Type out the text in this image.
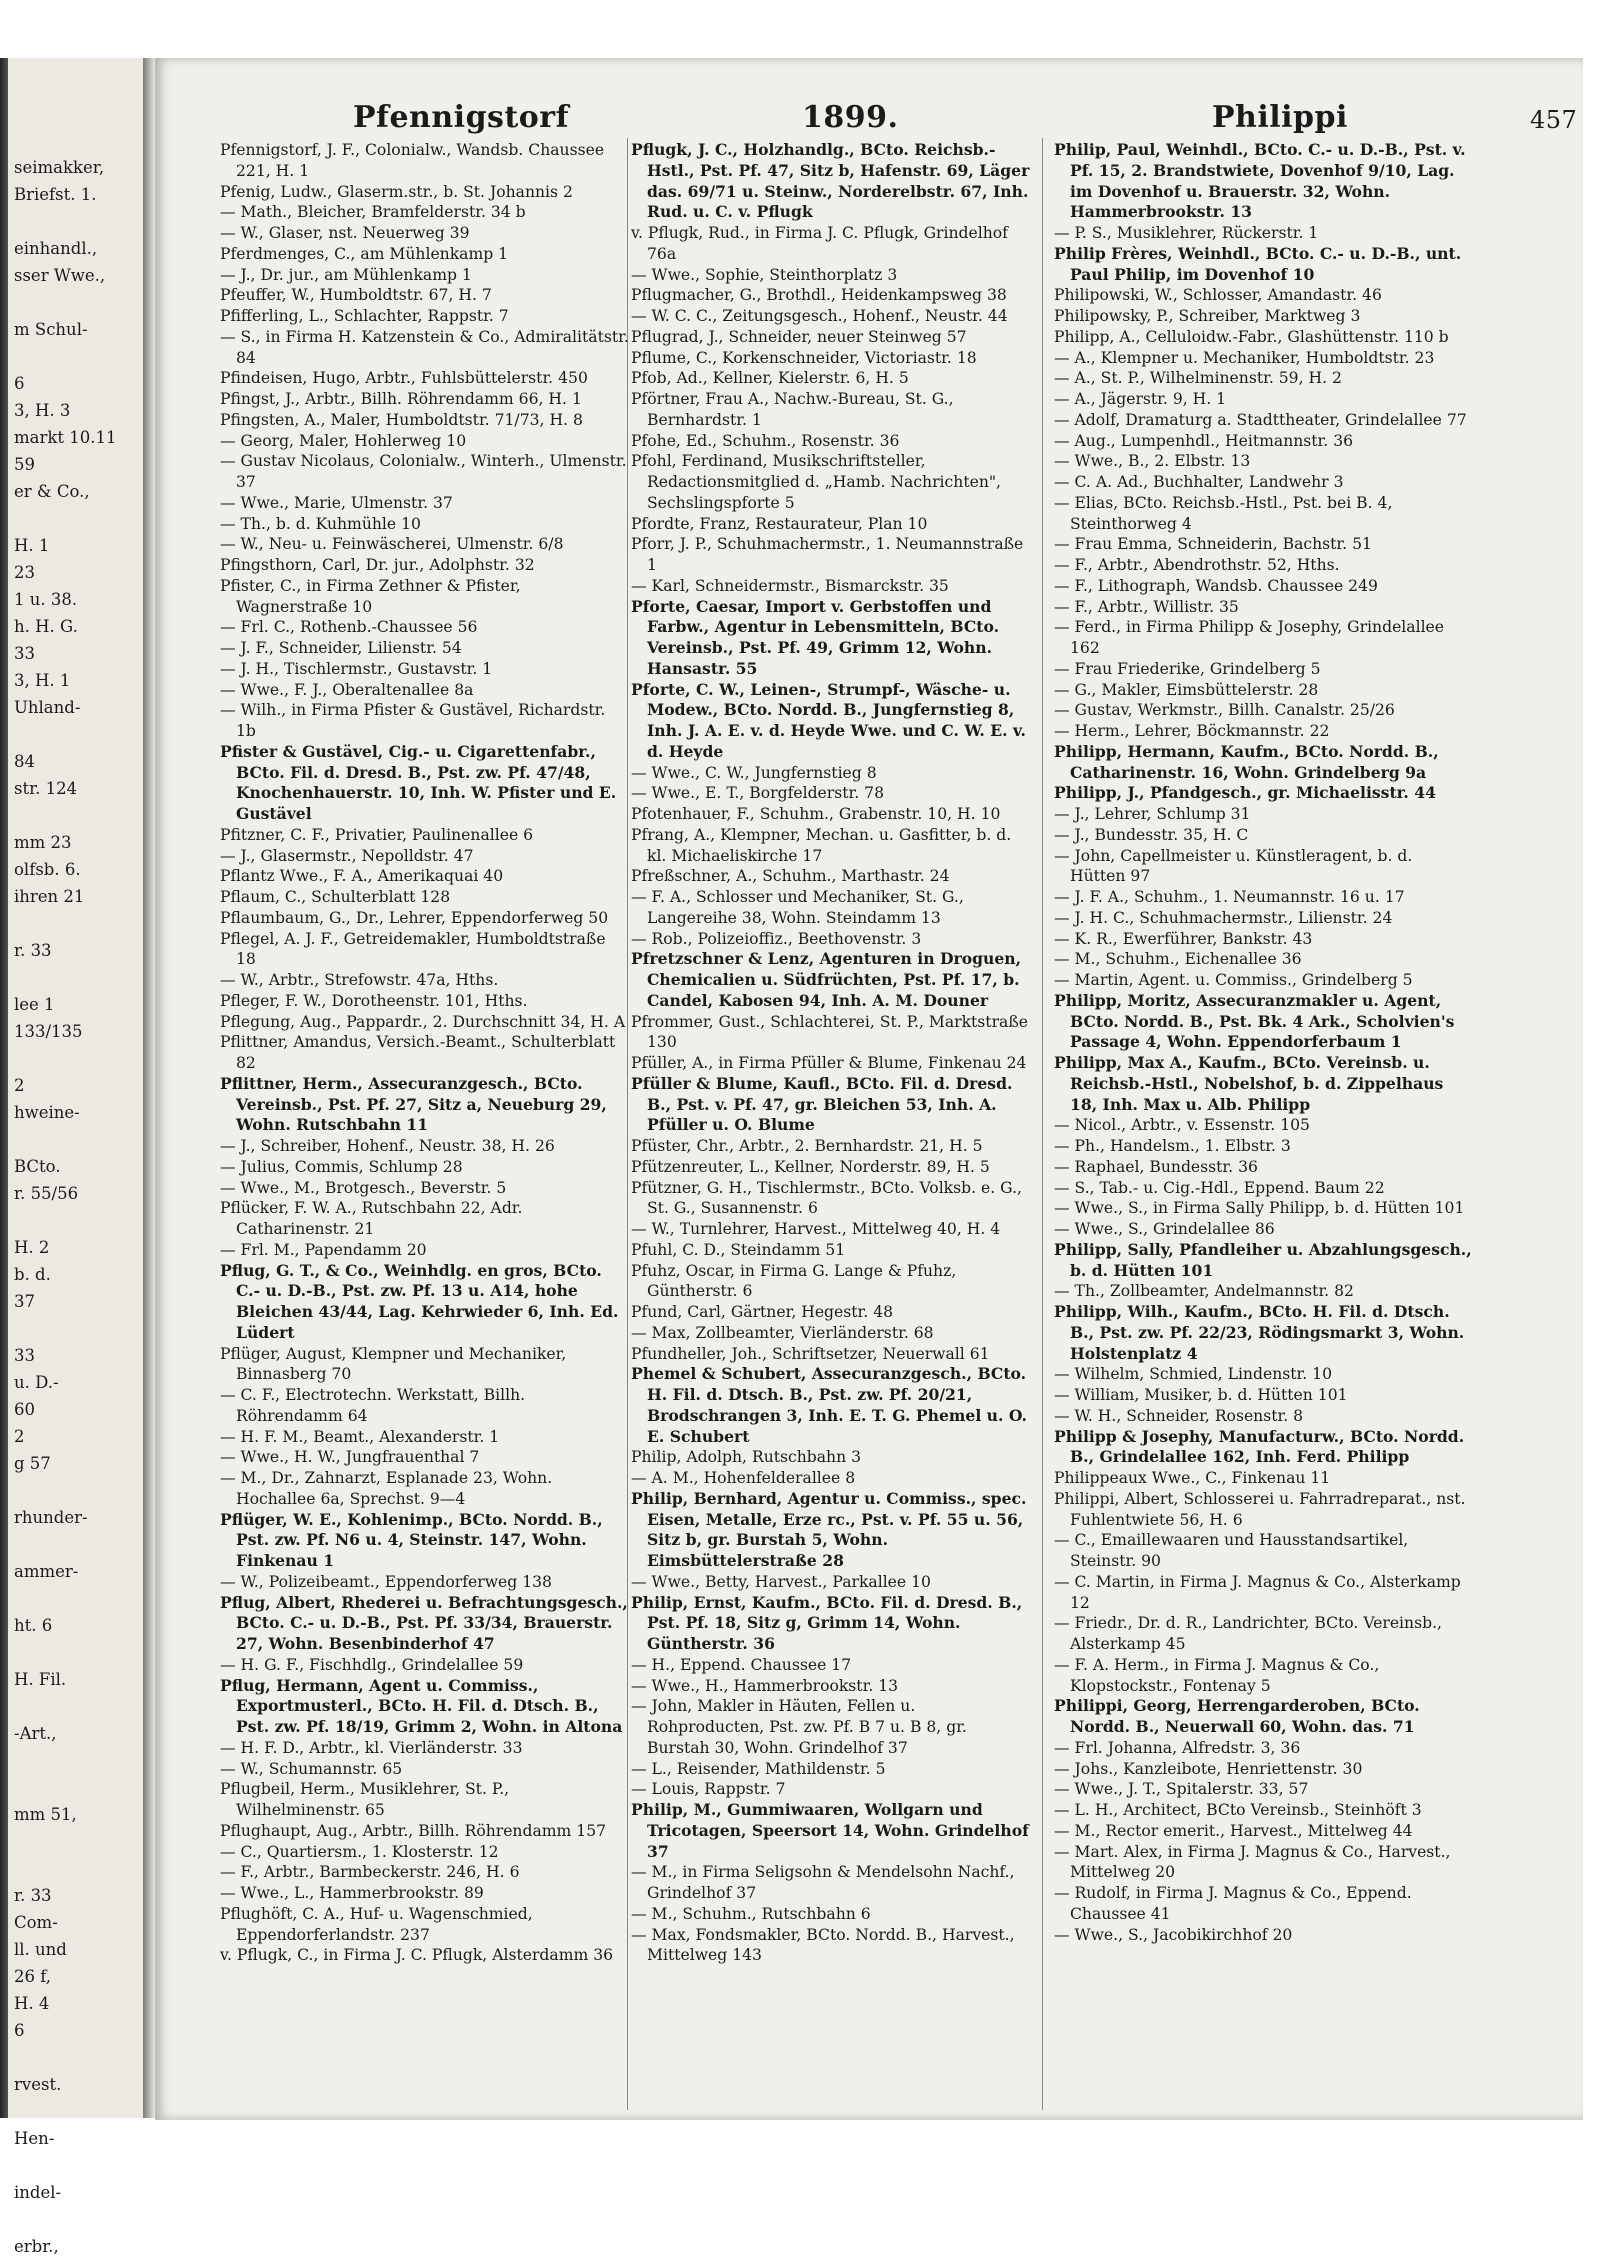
seimakker,
Briefst. 1.
einhandl.,
sser Wwe.,
m Schul-
6
3, H. 3
markt 10.11
59
er & Co.,
H. 1
23
1 u. 38.
h. H. G.
33
3, H. 1
Uhland-
84
str. 124
mm 23
olfsb. 6.
ihren 21
r. 33
lee 1
133/135
2
hweine-
BCto.
r. 55/56
H. 2
b. d.
37
33
u. D.-
60
2
g 57
rhunder-
ammer-
ht. 6
H. Fil.
-Art.,
mm 51,
r. 33
Com-
ll. und
26 f,
H. 4
6
rvest.
Hen-
indel-
erbr.,
Pfennigstorf	1899.	Philippi	457

Pfennigstorf, J. F., Colonialw., Wandsb. Chaussee 221, H. 1

Pfenig, Ludw., Glaserm.str., b. St. Johannis 2

— Math., Bleicher, Bramfelderstr. 34 b

— W., Glaser, nst. Neuerweg 39

Pferdmenges, C., am Mühlenkamp 1

— J., Dr. jur., am Mühlenkamp 1

Pfeuffer, W., Humboldtstr. 67, H. 7

Pfifferling, L., Schlachter, Rappstr. 7

— S., in Firma H. Katzenstein & Co., Admiralitätstr. 84

Pfindeisen, Hugo, Arbtr., Fuhlsbüttelerstr. 450

Pfingst, J., Arbtr., Billh. Röhrendamm 66, H. 1

Pfingsten, A., Maler, Humboldtstr. 71/73, H. 8

— Georg, Maler, Hohlerweg 10

— Gustav Nicolaus, Colonialw., Winterh., Ulmenstr. 37

— Wwe., Marie, Ulmenstr. 37

— Th., b. d. Kuhmühle 10

— W., Neu- u. Feinwäscherei, Ulmenstr. 6/8

Pfingsthorn, Carl, Dr. jur., Adolphstr. 32

Pfister, C., in Firma Zethner & Pfister, Wagnerstraße 10

— Frl. C., Rothenb.-Chaussee 56

— J. F., Schneider, Lilienstr. 54

— J. H., Tischlermstr., Gustavstr. 1

— Wwe., F. J., Oberaltenallee 8a

— Wilh., in Firma Pfister & Gustävel, Richardstr. 1b

Pfister & Gustävel, Cig.- u. Cigarettenfabr., BCto. Fil. d. Dresd. B., Pst. zw. Pf. 47/48, Knochenhauerstr. 10, Inh. W. Pfister und E. Gustävel

Pfitzner, C. F., Privatier, Paulinenallee 6

— J., Glasermstr., Nepolldstr. 47

Pflantz Wwe., F. A., Amerikaquai 40

Pflaum, C., Schulterblatt 128

Pflaumbaum, G., Dr., Lehrer, Eppendorferweg 50

Pflegel, A. J. F., Getreidemakler, Humboldtstraße 18

— W., Arbtr., Strefowstr. 47a, Hths.

Pfleger, F. W., Dorotheenstr. 101, Hths.

Pflegung, Aug., Pappardr., 2. Durchschnitt 34, H. A

Pflittner, Amandus, Versich.-Beamt., Schulterblatt 82

Pflittner, Herm., Assecuranzgesch., BCto. Vereinsb., Pst. Pf. 27, Sitz a, Neueburg 29, Wohn. Rutschbahn 11

— J., Schreiber, Hohenf., Neustr. 38, H. 26

— Julius, Commis, Schlump 28

— Wwe., M., Brotgesch., Beverstr. 5

Pflücker, F. W. A., Rutschbahn 22, Adr. Catharinenstr. 21

— Frl. M., Papendamm 20

Pflug, G. T., & Co., Weinhdlg. en gros, BCto. C.- u. D.-B., Pst. zw. Pf. 13 u. A14, hohe Bleichen 43/44, Lag. Kehrwieder 6, Inh. Ed. Lüdert

Pflüger, August, Klempner und Mechaniker, Binnasberg 70

— C. F., Electrotechn. Werkstatt, Billh. Röhrendamm 64

— H. F. M., Beamt., Alexanderstr. 1

— Wwe., H. W., Jungfrauenthal 7

— M., Dr., Zahnarzt, Esplanade 23, Wohn. Hochallee 6a, Sprechst. 9—4

Pflüger, W. E., Kohlenimp., BCto. Nordd. B., Pst. zw. Pf. N6 u. 4, Steinstr. 147, Wohn. Finkenau 1

— W., Polizeibeamt., Eppendorferweg 138

Pflug, Albert, Rhederei u. Befrachtungsgesch., BCto. C.- u. D.-B., Pst. Pf. 33/34, Brauerstr. 27, Wohn. Besenbinderhof 47

— H. G. F., Fischhdlg., Grindelallee 59

Pflug, Hermann, Agent u. Commiss., Exportmusterl., BCto. H. Fil. d. Dtsch. B., Pst. zw. Pf. 18/19, Grimm 2, Wohn. in Altona

— H. F. D., Arbtr., kl. Vierländerstr. 33

— W., Schumannstr. 65

Pflugbeil, Herm., Musiklehrer, St. P., Wilhelminenstr. 65

Pflughaupt, Aug., Arbtr., Billh. Röhrendamm 157

— C., Quartiersm., 1. Klosterstr. 12

— F., Arbtr., Barmbeckerstr. 246, H. 6

— Wwe., L., Hammerbrookstr. 89

Pflughöft, C. A., Huf- u. Wagenschmied, Eppendorferlandstr. 237

v. Pflugk, C., in Firma J. C. Pflugk, Alsterdamm 36

Pflugk, J. C., Holzhandlg., BCto. Reichsb.-Hstl., Pst. Pf. 47, Sitz b, Hafenstr. 69, Läger das. 69/71 u. Steinw., Norderelbstr. 67, Inh. Rud. u. C. v. Pflugk

v. Pflugk, Rud., in Firma J. C. Pflugk, Grindelhof 76a

— Wwe., Sophie, Steinthorplatz 3

Pflugmacher, G., Brothdl., Heidenkampsweg 38

— W. C. C., Zeitungsgesch., Hohenf., Neustr. 44

Pflugrad, J., Schneider, neuer Steinweg 57

Pflume, C., Korkenschneider, Victoriastr. 18

Pfob, Ad., Kellner, Kielerstr. 6, H. 5

Pförtner, Frau A., Nachw.-Bureau, St. G., Bernhardstr. 1

Pfohe, Ed., Schuhm., Rosenstr. 36

Pfohl, Ferdinand, Musikschriftsteller, Redactionsmitglied d. „Hamb. Nachrichten", Sechslingspforte 5

Pfordte, Franz, Restaurateur, Plan 10

Pforr, J. P., Schuhmachermstr., 1. Neumannstraße 1

— Karl, Schneidermstr., Bismarckstr. 35

Pforte, Caesar, Import v. Gerbstoffen und Farbw., Agentur in Lebensmitteln, BCto. Vereinsb., Pst. Pf. 49, Grimm 12, Wohn. Hansastr. 55

Pforte, C. W., Leinen-, Strumpf-, Wäsche- u. Modew., BCto. Nordd. B., Jungfernstieg 8, Inh. J. A. E. v. d. Heyde Wwe. und C. W. E. v. d. Heyde

— Wwe., C. W., Jungfernstieg 8

— Wwe., E. T., Borgfelderstr. 78

Pfotenhauer, F., Schuhm., Grabenstr. 10, H. 10

Pfrang, A., Klempner, Mechan. u. Gasfitter, b. d. kl. Michaeliskirche 17

Pfreßschner, A., Schuhm., Marthastr. 24

— F. A., Schlosser und Mechaniker, St. G., Langereihe 38, Wohn. Steindamm 13

— Rob., Polizeioffiz., Beethovenstr. 3

Pfretzschner & Lenz, Agenturen in Droguen, Chemicalien u. Südfrüchten, Pst. Pf. 17, b. Candel, Kabosen 94, Inh. A. M. Douner

Pfrommer, Gust., Schlachterei, St. P., Marktstraße 130

Pfüller, A., in Firma Pfüller & Blume, Finkenau 24

Pfüller & Blume, Kaufl., BCto. Fil. d. Dresd. B., Pst. v. Pf. 47, gr. Bleichen 53, Inh. A. Pfüller u. O. Blume

Pfüster, Chr., Arbtr., 2. Bernhardstr. 21, H. 5

Pfützenreuter, L., Kellner, Norderstr. 89, H. 5

Pfützner, G. H., Tischlermstr., BCto. Volksb. e. G., St. G., Susannenstr. 6

— W., Turnlehrer, Harvest., Mittelweg 40, H. 4

Pfuhl, C. D., Steindamm 51

Pfuhz, Oscar, in Firma G. Lange & Pfuhz, Güntherstr. 6

Pfund, Carl, Gärtner, Hegestr. 48

— Max, Zollbeamter, Vierländerstr. 68

Pfundheller, Joh., Schriftsetzer, Neuerwall 61

Phemel & Schubert, Assecuranzgesch., BCto. H. Fil. d. Dtsch. B., Pst. zw. Pf. 20/21, Brodschrangen 3, Inh. E. T. G. Phemel u. O. E. Schubert

Philip, Adolph, Rutschbahn 3

— A. M., Hohenfelderallee 8

Philip, Bernhard, Agentur u. Commiss., spec. Eisen, Metalle, Erze rc., Pst. v. Pf. 55 u. 56, Sitz b, gr. Burstah 5, Wohn. Eimsbüttelerstraße 28

— Wwe., Betty, Harvest., Parkallee 10

Philip, Ernst, Kaufm., BCto. Fil. d. Dresd. B., Pst. Pf. 18, Sitz g, Grimm 14, Wohn. Güntherstr. 36

— H., Eppend. Chaussee 17

— Wwe., H., Hammerbrookstr. 13

— John, Makler in Häuten, Fellen u. Rohproducten, Pst. zw. Pf. B 7 u. B 8, gr. Burstah 30, Wohn. Grindelhof 37

— L., Reisender, Mathildenstr. 5

— Louis, Rappstr. 7

Philip, M., Gummiwaaren, Wollgarn und Tricotagen, Speersort 14, Wohn. Grindelhof 37

— M., in Firma Seligsohn & Mendelsohn Nachf., Grindelhof 37

— M., Schuhm., Rutschbahn 6

— Max, Fondsmakler, BCto. Nordd. B., Harvest., Mittelweg 143

Philip, Paul, Weinhdl., BCto. C.- u. D.-B., Pst. v. Pf. 15, 2. Brandstwiete, Dovenhof 9/10, Lag. im Dovenhof u. Brauerstr. 32, Wohn. Hammerbrookstr. 13

— P. S., Musiklehrer, Rückerstr. 1

Philip Frères, Weinhdl., BCto. C.- u. D.-B., unt. Paul Philip, im Dovenhof 10

Philipowski, W., Schlosser, Amandastr. 46

Philipowsky, P., Schreiber, Marktweg 3

Philipp, A., Celluloidw.-Fabr., Glashüttenstr. 110 b

— A., Klempner u. Mechaniker, Humboldtstr. 23

— A., St. P., Wilhelminenstr. 59, H. 2

— A., Jägerstr. 9, H. 1

— Adolf, Dramaturg a. Stadttheater, Grindelallee 77

— Aug., Lumpenhdl., Heitmannstr. 36

— Wwe., B., 2. Elbstr. 13

— C. A. Ad., Buchhalter, Landwehr 3

— Elias, BCto. Reichsb.-Hstl., Pst. bei B. 4, Steinthorweg 4

— Frau Emma, Schneiderin, Bachstr. 51

— F., Arbtr., Abendrothstr. 52, Hths.

— F., Lithograph, Wandsb. Chaussee 249

— F., Arbtr., Willistr. 35

— Ferd., in Firma Philipp & Josephy, Grindelallee 162

— Frau Friederike, Grindelberg 5

— G., Makler, Eimsbüttelerstr. 28

— Gustav, Werkmstr., Billh. Canalstr. 25/26

— Herm., Lehrer, Böckmannstr. 22

Philipp, Hermann, Kaufm., BCto. Nordd. B., Catharinenstr. 16, Wohn. Grindelberg 9a

Philipp, J., Pfandgesch., gr. Michaelisstr. 44

— J., Lehrer, Schlump 31

— J., Bundesstr. 35, H. C

— John, Capellmeister u. Künstleragent, b. d. Hütten 97

— J. F. A., Schuhm., 1. Neumannstr. 16 u. 17

— J. H. C., Schuhmachermstr., Lilienstr. 24

— K. R., Ewerführer, Bankstr. 43

— M., Schuhm., Eichenallee 36

— Martin, Agent. u. Commiss., Grindelberg 5

Philipp, Moritz, Assecuranzmakler u. Agent, BCto. Nordd. B., Pst. Bk. 4 Ark., Scholvien's Passage 4, Wohn. Eppendorferbaum 1

Philipp, Max A., Kaufm., BCto. Vereinsb. u. Reichsb.-Hstl., Nobelshof, b. d. Zippelhaus 18, Inh. Max u. Alb. Philipp

— Nicol., Arbtr., v. Essenstr. 105

— Ph., Handelsm., 1. Elbstr. 3

— Raphael, Bundesstr. 36

— S., Tab.- u. Cig.-Hdl., Eppend. Baum 22

— Wwe., S., in Firma Sally Philipp, b. d. Hütten 101

— Wwe., S., Grindelallee 86

Philipp, Sally, Pfandleiher u. Abzahlungsgesch., b. d. Hütten 101

— Th., Zollbeamter, Andelmannstr. 82

Philipp, Wilh., Kaufm., BCto. H. Fil. d. Dtsch. B., Pst. zw. Pf. 22/23, Rödingsmarkt 3, Wohn. Holstenplatz 4

— Wilhelm, Schmied, Lindenstr. 10

— William, Musiker, b. d. Hütten 101

— W. H., Schneider, Rosenstr. 8

Philipp & Josephy, Manufacturw., BCto. Nordd. B., Grindelallee 162, Inh. Ferd. Philipp

Philippeaux Wwe., C., Finkenau 11

Philippi, Albert, Schlosserei u. Fahrradreparat., nst. Fuhlentwiete 56, H. 6

— C., Emaillewaaren und Hausstandsartikel, Steinstr. 90

— C. Martin, in Firma J. Magnus & Co., Alsterkamp 12

— Friedr., Dr. d. R., Landrichter, BCto. Vereinsb., Alsterkamp 45

— F. A. Herm., in Firma J. Magnus & Co., Klopstockstr., Fontenay 5

Philippi, Georg, Herrengarderoben, BCto. Nordd. B., Neuerwall 60, Wohn. das. 71

— Frl. Johanna, Alfredstr. 3, 36

— Johs., Kanzleibote, Henriettenstr. 30

— Wwe., J. T., Spitalerstr. 33, 57

— L. H., Architect, BCto Vereinsb., Steinhöft 3

— M., Rector emerit., Harvest., Mittelweg 44

— Mart. Alex, in Firma J. Magnus & Co., Harvest., Mittelweg 20

— Rudolf, in Firma J. Magnus & Co., Eppend. Chaussee 41

— Wwe., S., Jacobikirchhof 20
